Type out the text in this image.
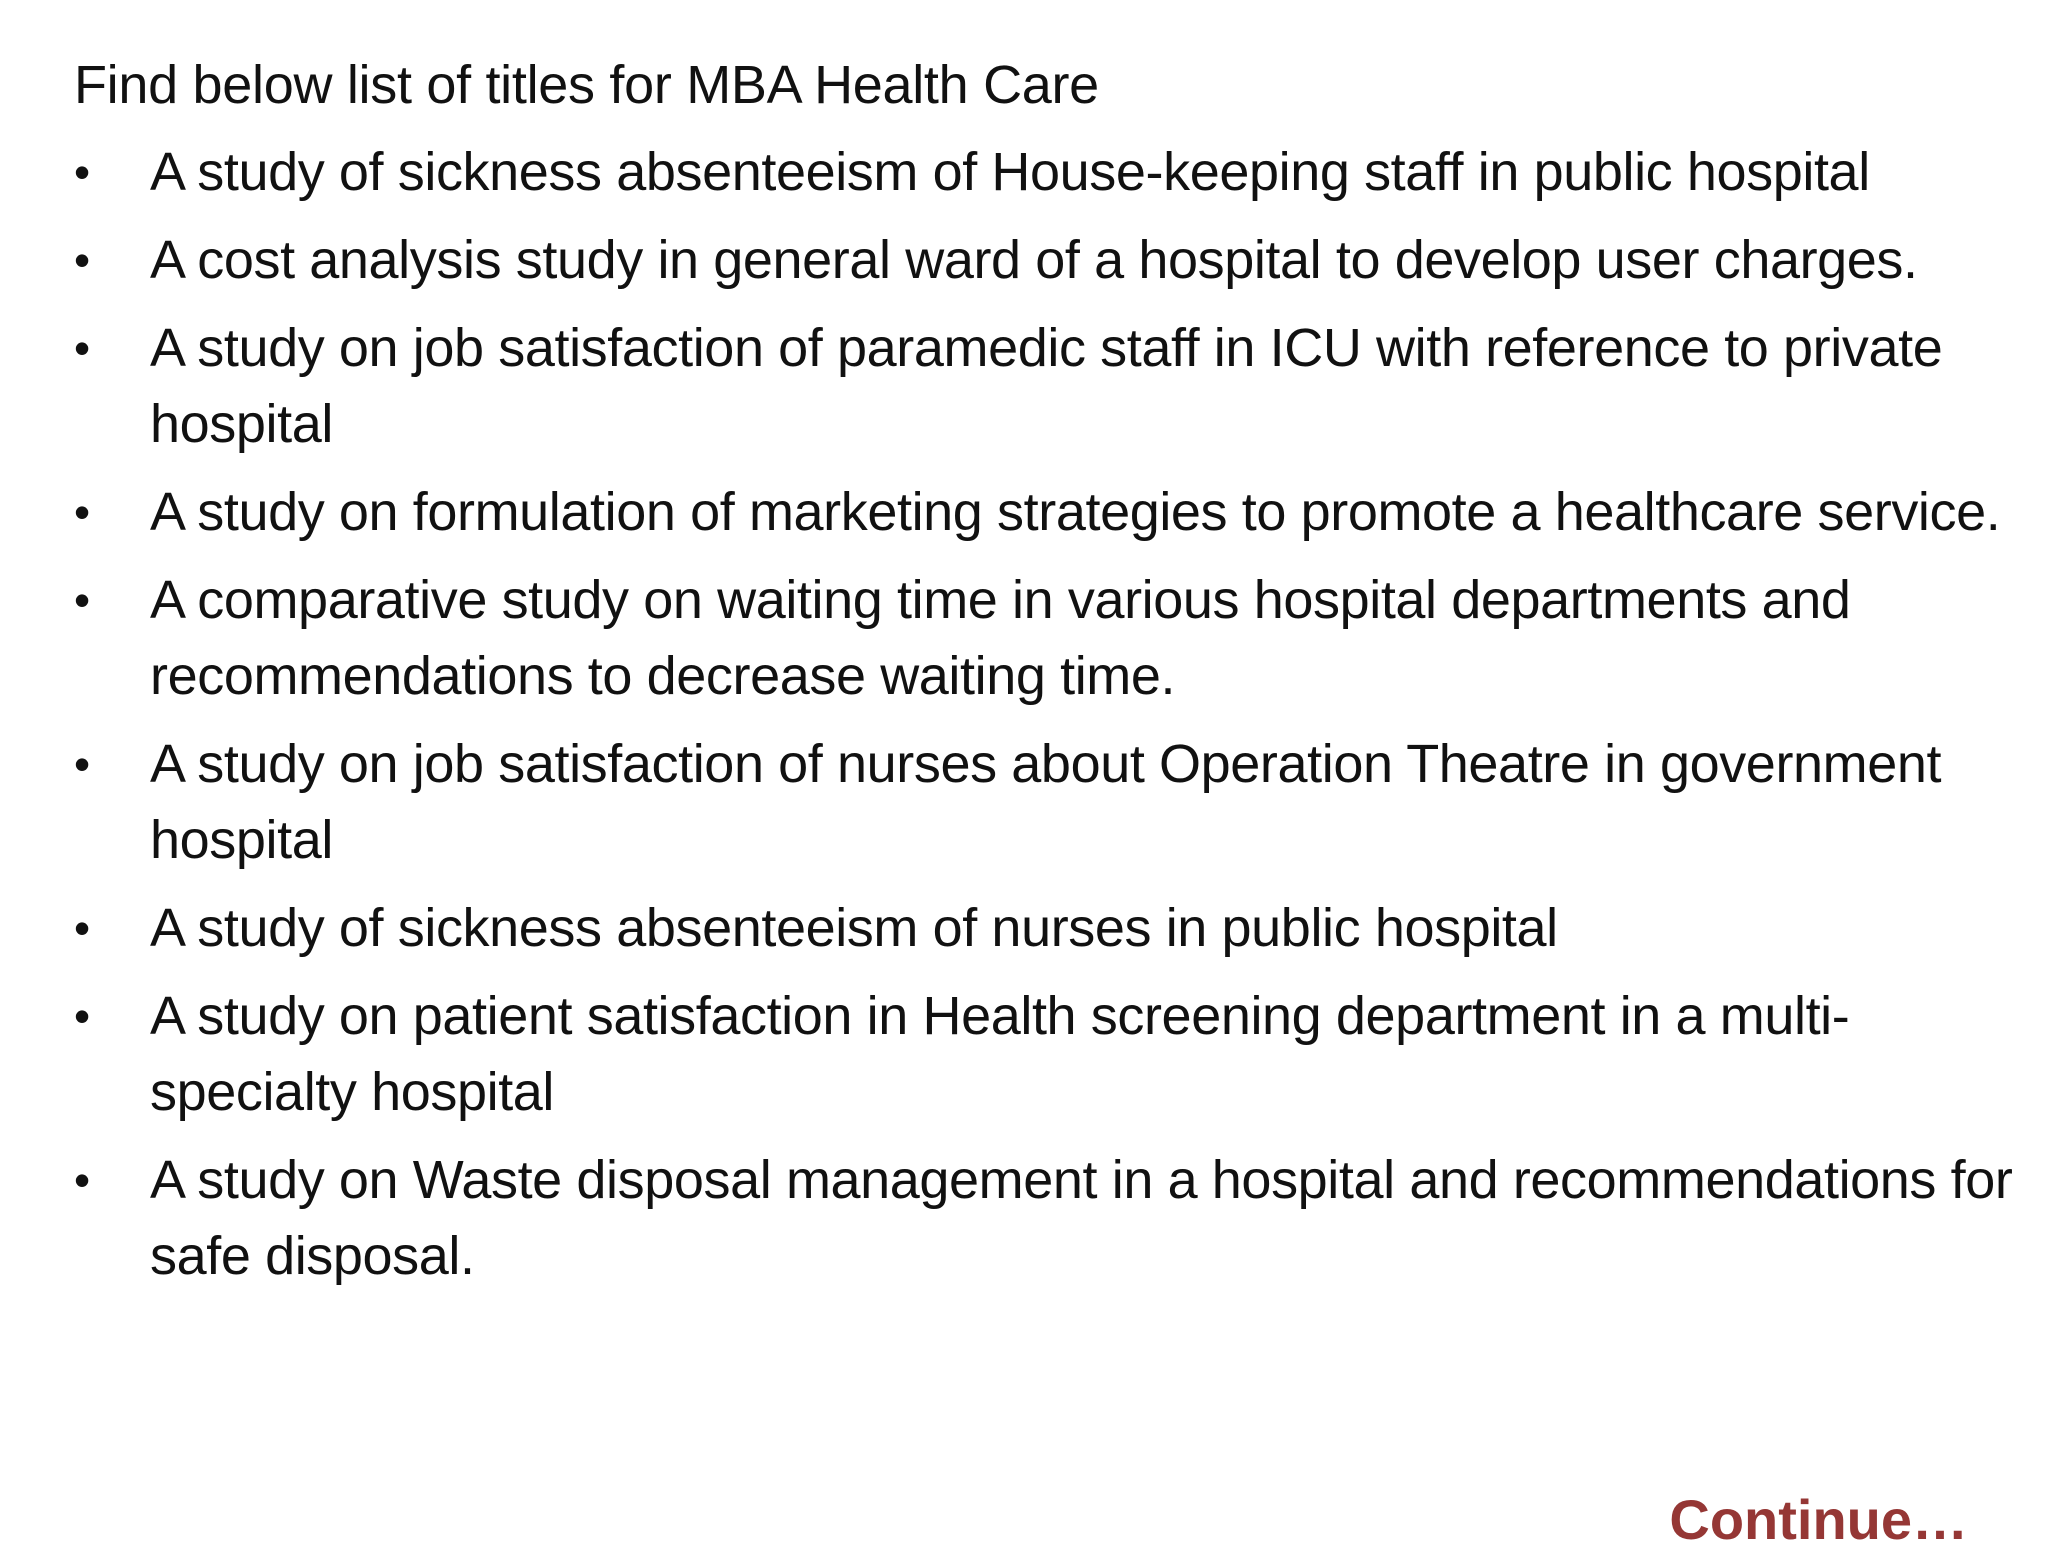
Find below list of titles for MBA Health Care
• A study of sickness absenteeism of House-keeping staff in public hospital
• A cost analysis study in general ward of a hospital to develop user charges.
• A study on job satisfaction of paramedic staff in ICU with reference to private hospital
• A study on formulation of marketing strategies to promote a healthcare service.
• A comparative study on waiting time in various hospital departments and recommendations to decrease waiting time.
• A study on job satisfaction of nurses about Operation Theatre in government hospital
• A study of sickness absenteeism of nurses in public hospital
• A study on patient satisfaction in Health screening department in a multi-specialty hospital
• A study on Waste disposal management in a hospital and recommendations for safe disposal.
Continue…
